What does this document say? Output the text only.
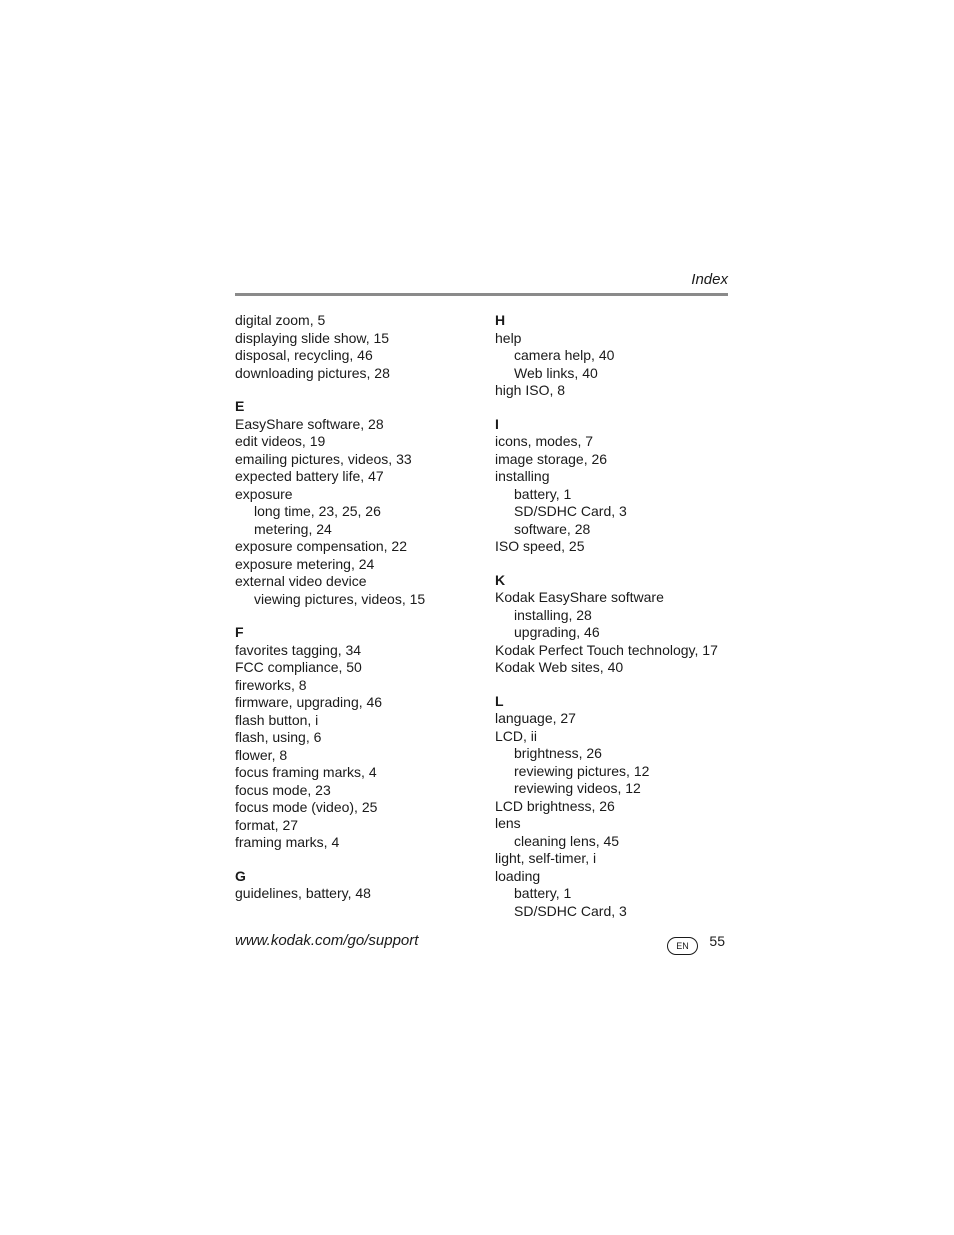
Index
digital zoom, 5
displaying slide show, 15
disposal, recycling, 46
downloading pictures, 28
E
EasyShare software, 28
edit videos, 19
emailing pictures, videos, 33
expected battery life, 47
exposure
long time, 23, 25, 26
metering, 24
exposure compensation, 22
exposure metering, 24
external video device
viewing pictures, videos, 15
F
favorites tagging, 34
FCC compliance, 50
fireworks, 8
firmware, upgrading, 46
flash button, i
flash, using, 6
flower, 8
focus framing marks, 4
focus mode, 23
focus mode (video), 25
format, 27
framing marks, 4
G
guidelines, battery, 48
H
help
camera help, 40
Web links, 40
high ISO, 8
I
icons, modes, 7
image storage, 26
installing
battery, 1
SD/SDHC Card, 3
software, 28
ISO speed, 25
K
Kodak EasyShare software
installing, 28
upgrading, 46
Kodak Perfect Touch technology, 17
Kodak Web sites, 40
L
language, 27
LCD, ii
brightness, 26
reviewing pictures, 12
reviewing videos, 12
LCD brightness, 26
lens
cleaning lens, 45
light, self-timer, i
loading
battery, 1
SD/SDHC Card, 3
www.kodak.com/go/support	EN	55
